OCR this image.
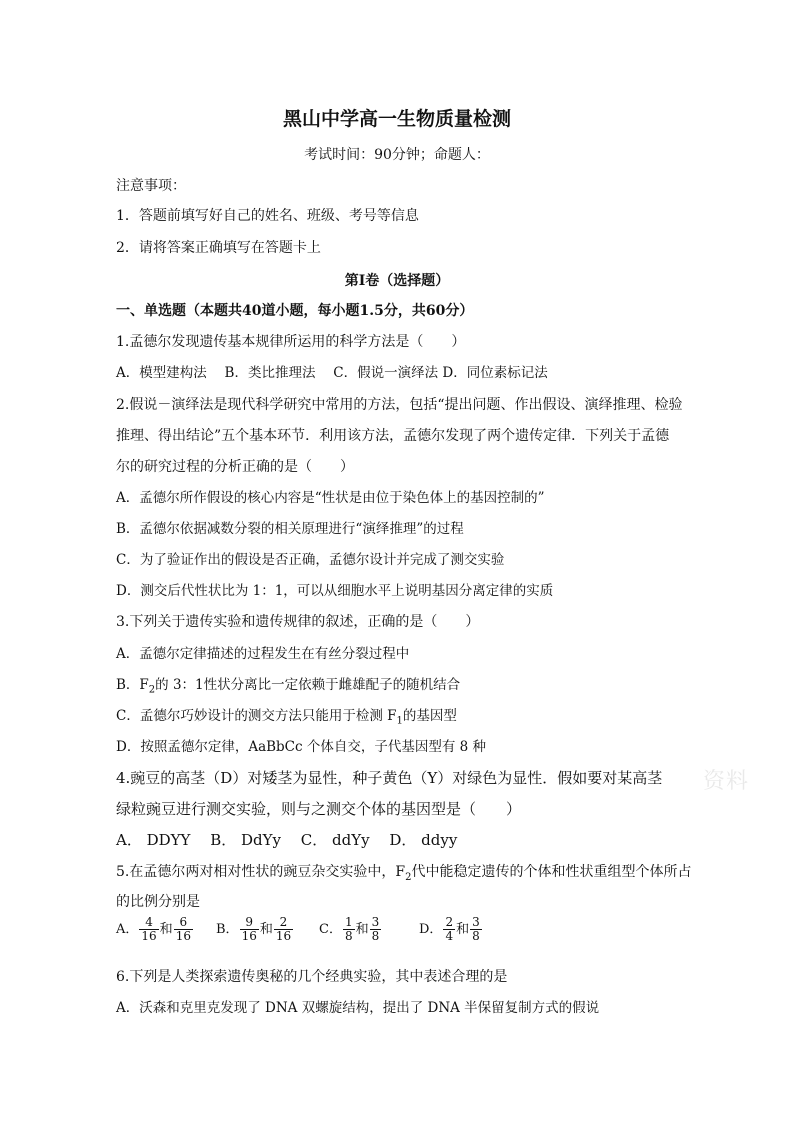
黑山中学高一生物质量检测
考试时间：90分钟；命题人：
注意事项：
1．答题前填写好自己的姓名、班级、考号等信息
2．请将答案正确填写在答题卡上
第I卷（选择题）
一、单选题（本题共40道小题，每小题1.5分，共60分）
1.孟德尔发现遗传基本规律所运用的科学方法是（　　）
A．模型建构法　 B．类比推理法　 C．假说一演绎法 D．同位素标记法
2.假说－演绎法是现代科学研究中常用的方法，包括“提出问题、作出假设、演绎推理、检验
推理、得出结论”五个基本环节．利用该方法，孟德尔发现了两个遗传定律．下列关于孟德
尔的研究过程的分析正确的是（　　）
A．孟德尔所作假设的核心内容是“性状是由位于染色体上的基因控制的”
B．孟德尔依据减数分裂的相关原理进行“演绎推理”的过程
C．为了验证作出的假设是否正确，孟德尔设计并完成了测交实验
D．测交后代性状比为 1：1，可以从细胞水平上说明基因分离定律的实质
3.下列关于遗传实验和遗传规律的叙述，正确的是（　　）
A．孟德尔定律描述的过程发生在有丝分裂过程中
B．$F_2$的 3：1性状分离比一定依赖于雌雄配子的随机结合
C．孟德尔巧妙设计的测交方法只能用于检测 $F_1$的基因型
D．按照孟德尔定律，AaBbCc 个体自交，子代基因型有 8 种
4.豌豆的高茎（D）对矮茎为显性，种子黄色（Y）对绿色为显性．假如要对某高茎
绿粒豌豆进行测交实验，则与之测交个体的基因型是（　　）
A． DDYY　 B． DdYy　 C． ddYy　 D． ddyy
资料
5.在孟德尔两对相对性状的豌豆杂交实验中，$F_2$代中能稳定遗传的个体和性状重组型个体所占
的比例分别是
A． $\frac{4}{16}$ 和 $\frac{6}{16}$ B． $\frac{9}{16}$ 和 $\frac{2}{16}$ C． $\frac{1}{8}$ 和 $\frac{3}{8}$	D． $\frac{2}{4}$ 和 $\frac{3}{8}$
6.下列是人类探索遗传奥秘的几个经典实验，其中表述合理的是
A．沃森和克里克发现了 DNA 双螺旋结构，提出了 DNA 半保留复制方式的假说
